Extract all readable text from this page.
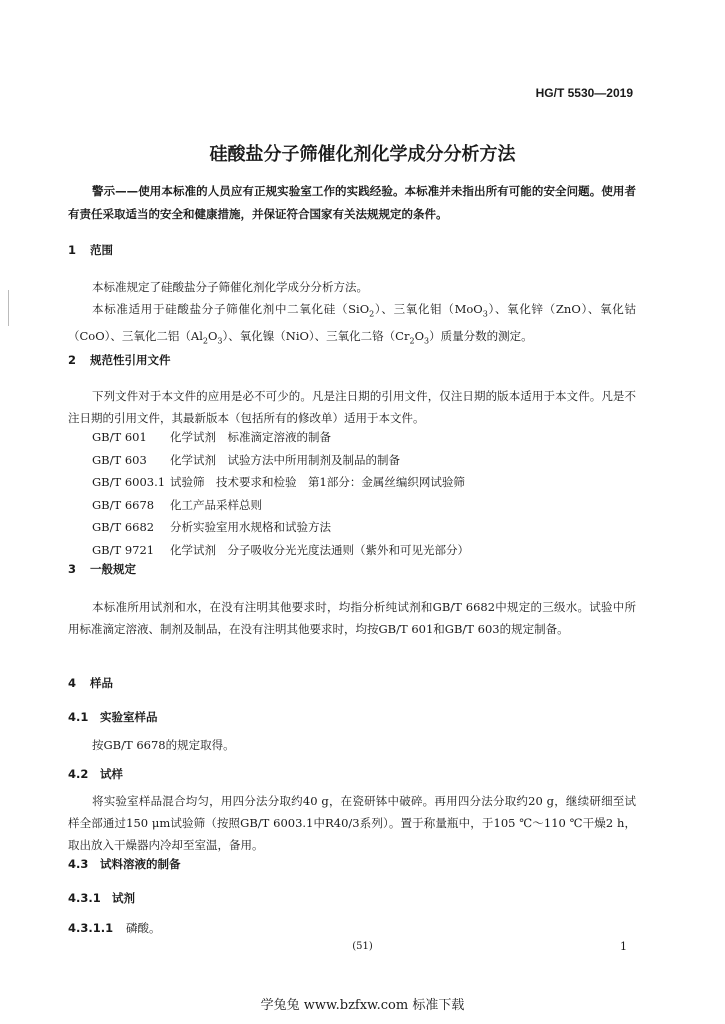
HG/T 5530—2019
硅酸盐分子筛催化剂化学成分分析方法
警示——使用本标准的人员应有正规实验室工作的实践经验。本标准并未指出所有可能的安全问题。使用者有责任采取适当的安全和健康措施，并保证符合国家有关法规规定的条件。
1 范围
本标准规定了硅酸盐分子筛催化剂化学成分分析方法。
本标准适用于硅酸盐分子筛催化剂中二氧化硅（SiO$_2$）、三氧化钼（MoO$_3$）、氧化锌（ZnO）、氧化钴（CoO）、三氧化二铝$(Al_2O_3)$、氧化镍（NiO）、三氧化二铬$(Cr_2O_3)$质量分数的测定。
2 规范性引用文件
下列文件对于本文件的应用是必不可少的。凡是注日期的引用文件，仅注日期的版本适用于本文件。凡是不注日期的引用文件，其最新版本（包括所有的修改单）适用于本文件。
GB/T 601 化学试剂　标准滴定溶液的制备
GB/T 603 化学试剂　试验方法中所用制剂及制品的制备
GB/T 6003.1 试验筛　技术要求和检验　第1部分：金属丝编织网试验筛
GB/T 6678 化工产品采样总则
GB/T 6682 分析实验室用水规格和试验方法
GB/T 9721 化学试剂　分子吸收分光光度法通则（紫外和可见光部分）
3 一般规定
本标准所用试剂和水，在没有注明其他要求时，均指分析纯试剂和GB/T 6682中规定的三级水。试验中所用标准滴定溶液、制剂及制品，在没有注明其他要求时，均按GB/T 601和GB/T 603的规定制备。
4 样品
4.1 实验室样品
按GB/T 6678的规定取得。
4.2 试样
将实验室样品混合均匀，用四分法分取约40 g，在瓷研钵中破碎。再用四分法分取约20 g，继续研细至试样全部通过150 μm试验筛（按照GB/T 6003.1中R40/3系列）。置于称量瓶中，于105 ℃～110 ℃干燥2 h，取出放入干燥器内冷却至室温，备用。
4.3 试料溶液的制备
4.3.1 试剂
4.3.1.1 磷酸。
(51)	1
学兔兔 www.bzfxw.com 标准下载
